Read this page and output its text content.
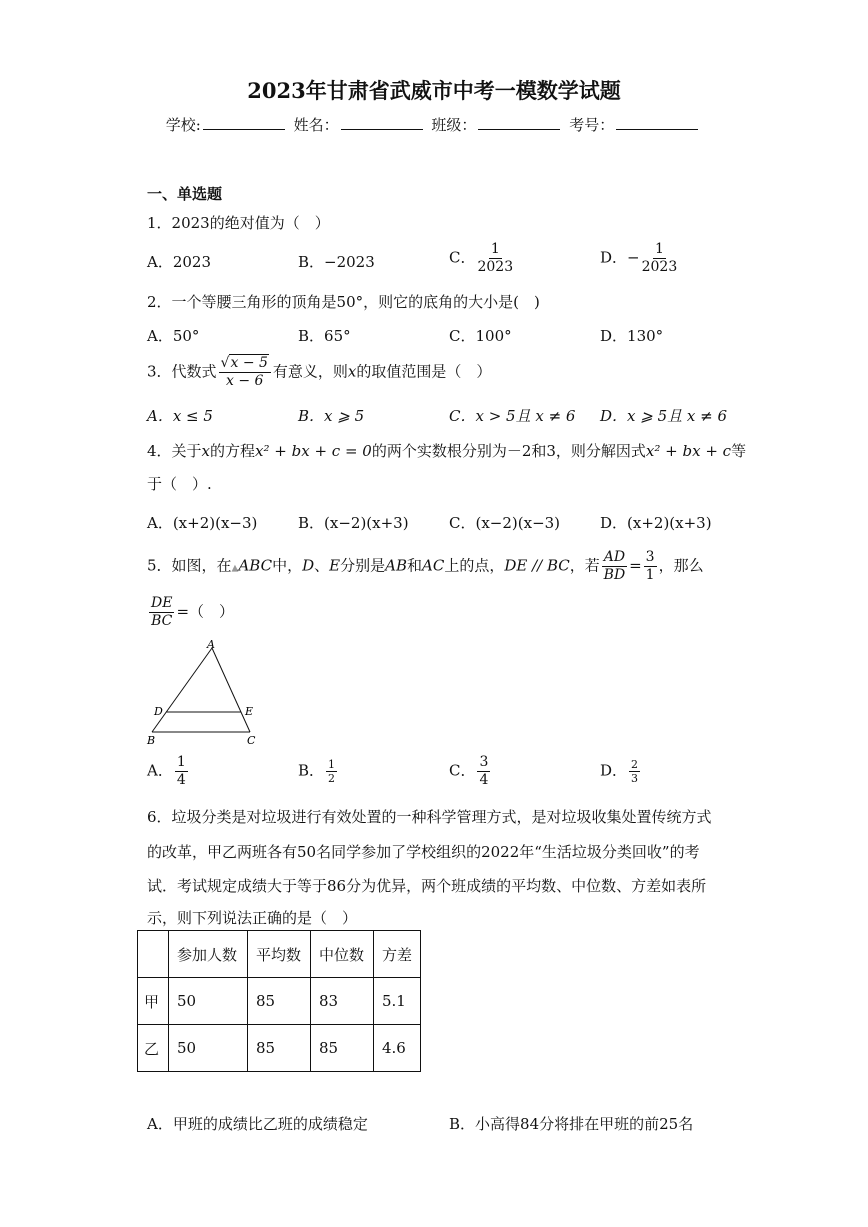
2023年甘肃省武威市中考一模数学试题
学校:	姓名：	班级：	考号：
一、单选题
1．2023的绝对值为（　）
A．2023	B．−2023	C． $\frac{1}{2023}$	D．− $\frac{1}{2023}$
2．一个等腰三角形的顶角是50°，则它的底角的大小是(　)
A．50°	B．65°	C．100°	D．130°
3．代数式 $\frac{√x - 5}{x - 6}$ 有意义，则x的取值范围是（　）
A．x ≤ 5	B．x ⩾ 5	C．x > 5且 x ≠ 6 D．x ⩾ 5且 x ≠ 6
4．关于x的方程x² + bx + c = 0的两个实数根分别为－2和3，则分解因式x² + bx + c等
于（　）.
A．(x+2)(x−3)	B．(x−2)(x+3)	C．(x−2)(x−3)	D．(x+2)(x+3)
5．如图，在▲ABC中，D、E分别是AB和AC上的点，DE // BC，若 $\frac{AD}{BD} = \frac{3}{1}$ ，那么
$\frac{DE}{BC}$ =（　）
A
D	E
B	C
A． $\frac{1}{4}$	B． $\frac{1}{2}$	C． $\frac{3}{4}$	D． $\frac{2}{3}$
6．垃圾分类是对垃圾进行有效处置的一种科学管理方式，是对垃圾收集处置传统方式
的改革，甲乙两班各有50名同学参加了学校组织的2022年“生活垃圾分类回收”的考
试．考试规定成绩大于等于86分为优异，两个班成绩的平均数、中位数、方差如表所
示，则下列说法正确的是（　）
	参加人数	平均数	中位数	方差
甲	50	85	83	5.1
乙	50	85	85	4.6
A．甲班的成绩比乙班的成绩稳定	B．小高得84分将排在甲班的前25名
